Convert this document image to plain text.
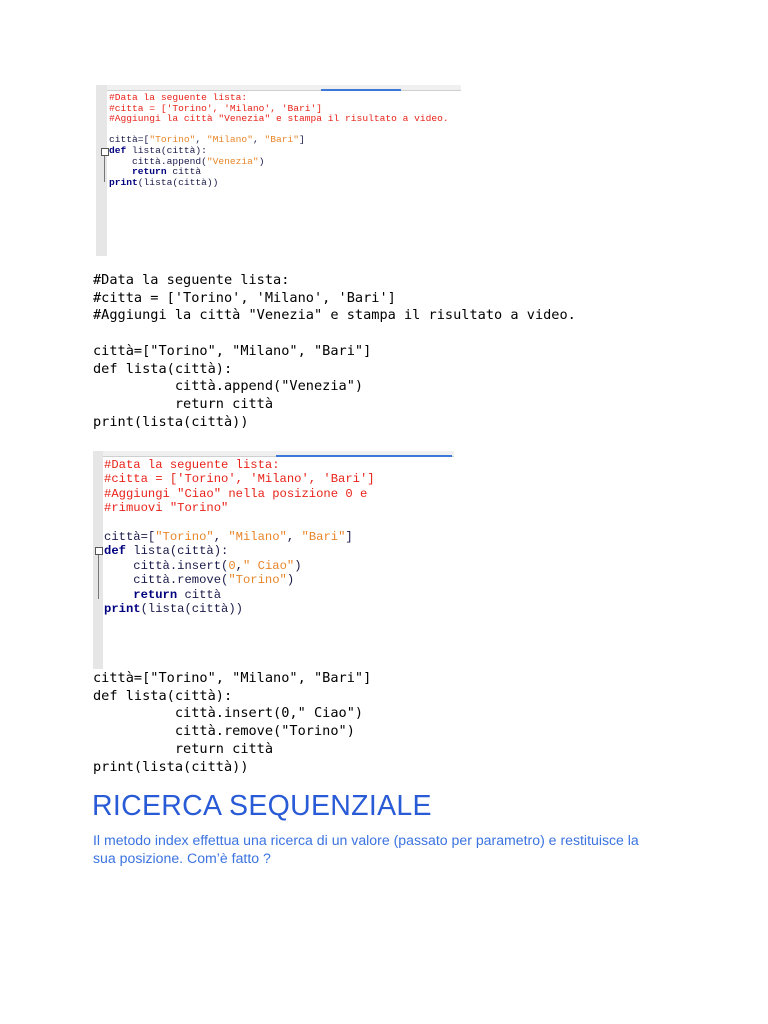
#Data la seguente lista:
#citta = ['Torino', 'Milano', 'Bari']
#Aggiungi la città "Venezia" e stampa il risultato a video.

città=["Torino", "Milano", "Bari"]
def lista(città):
città.append("Venezia")
return città
print(lista(città))
#Data la seguente lista:
#citta = ['Torino', 'Milano', 'Bari']
#Aggiungi la città "Venezia" e stampa il risultato a video.

città=["Torino", "Milano", "Bari"]
def lista(città):
città.append("Venezia")
return città
print(lista(città))
#Data la seguente lista:
#citta = ['Torino', 'Milano', 'Bari']
#Aggiungi "Ciao" nella posizione 0 e
#rimuovi "Torino"

città=["Torino", "Milano", "Bari"]
def lista(città):
città.insert(0," Ciao")
città.remove("Torino")
return città
print(lista(città))
città=["Torino", "Milano", "Bari"]
def lista(città):
città.insert(0," Ciao")
città.remove("Torino")
return città
print(lista(città))
RICERCA SEQUENZIALE

Il metodo index effettua una ricerca di un valore (passato per parametro) e restituisce la sua posizione. Com’è fatto ?
